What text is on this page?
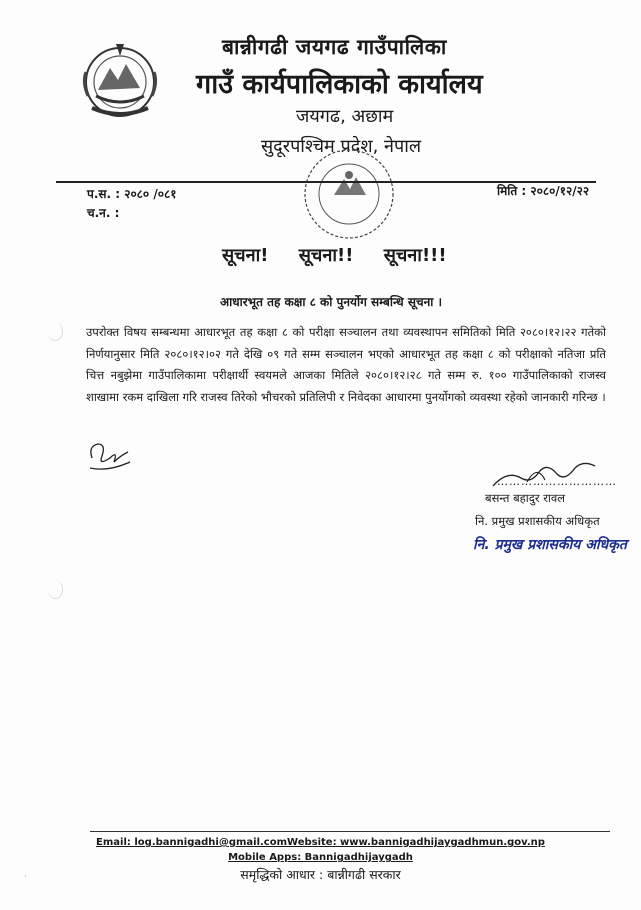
बान्नीगढी जयगढ गाउँपालिका
गाउँ कार्यपालिकाको कार्यालय
जयगढ, अछाम
सुदूरपश्चिम प्रदेश, नेपाल
प.स. : २०८० /०८१
च.न. :
मिति : २०८०/१२/२२
सूचना! सूचना!! सूचना!!!
आधारभूत तह कक्षा ८ को पुनर्योग सम्बन्धि सूचना ।
उपरोक्त विषय सम्बन्धमा आधारभूत तह कक्षा ८ को परीक्षा सञ्चालन तथा व्यवस्थापन समितिको मिति २०८०।१२।२२ गतेको निर्णयानुसार मिति २०८०।१२।०२ गते देखि ०९ गते सम्म सञ्चालन भएको आधारभूत तह कक्षा ८ को परीक्षाको नतिजा प्रति चित्त नबुझेमा गाउँपालिकामा परीक्षार्थी स्वयमले आजका मितिले २०८०।१२।२८ गते सम्म रु. १०० गाउँपालिकाको राजस्व शाखामा रकम दाखिला गरि राजस्व तिरेको भौचरको प्रतिलिपी र निवेदका आधारमा पुनर्योगको व्यवस्था रहेको जानकारी गरिन्छ ।
…………………………
बसन्त बहादुर रावल
नि. प्रमुख प्रशासकीय अधिकृत
नि. प्रमुख प्रशासकीय अधिकृत
Email: log.bannigadhi@gmail.comWebsite: www.bannigadhijaygadhmun.gov.np
Mobile Apps: Bannigadhijaygadh
समृद्धिको आधार : बान्नीगढी सरकार
·
